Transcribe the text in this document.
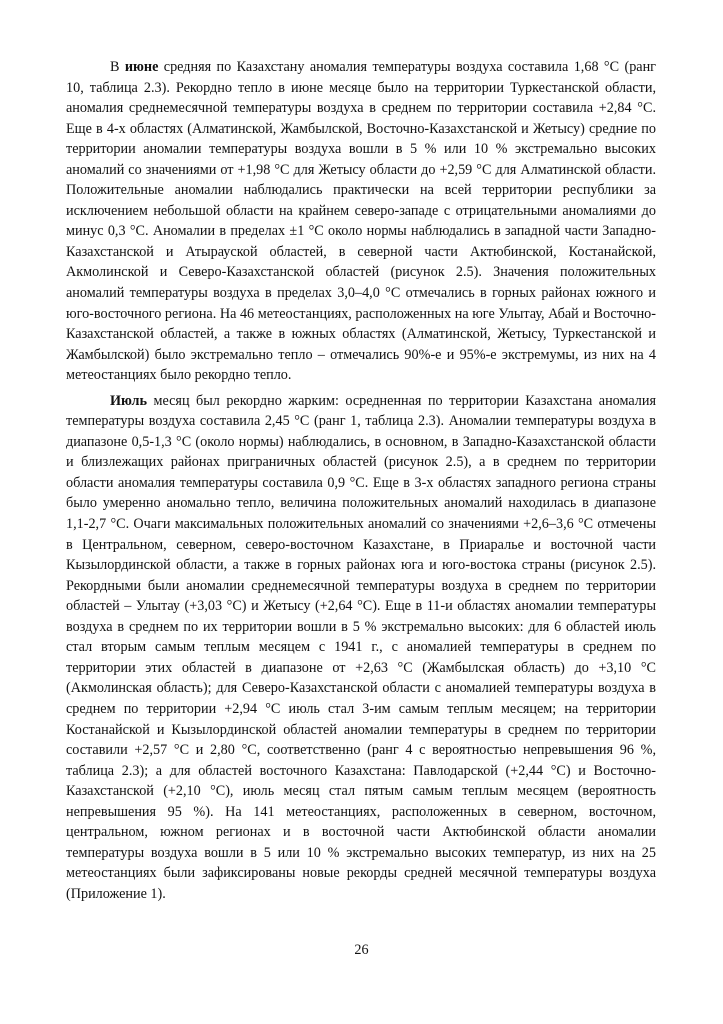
В июне средняя по Казахстану аномалия температуры воздуха составила 1,68 °C (ранг 10, таблица 2.3). Рекордно тепло в июне месяце было на территории Туркестанской области, аномалия среднемесячной температуры воздуха в среднем по территории составила +2,84 °C. Еще в 4-х областях (Алматинской, Жамбылской, Восточно-Казахстанской и Жетысу) средние по территории аномалии температуры воздуха вошли в 5 % или 10 % экстремально высоких аномалий со значениями от +1,98 °C для Жетысу области до +2,59 °C для Алматинской области. Положительные аномалии наблюдались практически на всей территории республики за исключением небольшой области на крайнем северо-западе с отрицательными аномалиями до минус 0,3 °C. Аномалии в пределах ±1 °C около нормы наблюдались в западной части Западно-Казахстанской и Атырауской областей, в северной части Актюбинской, Костанайской, Акмолинской и Северо-Казахстанской областей (рисунок 2.5). Значения положительных аномалий температуры воздуха в пределах 3,0–4,0 °C отмечались в горных районах южного и юго-восточного региона. На 46 метеостанциях, расположенных на юге Улытау, Абай и Восточно-Казахстанской областей, а также в южных областях (Алматинской, Жетысу, Туркестанской и Жамбылской) было экстремально тепло – отмечались 90%-е и 95%-е экстремумы, из них на 4 метеостанциях было рекордно тепло.

Июль месяц был рекордно жарким: осредненная по территории Казахстана аномалия температуры воздуха составила 2,45 °C (ранг 1, таблица 2.3). Аномалии температуры воздуха в диапазоне 0,5-1,3 °C (около нормы) наблюдались, в основном, в Западно-Казахстанской области и близлежащих районах приграничных областей (рисунок 2.5), а в среднем по территории области аномалия температуры составила 0,9 °C. Еще в 3-х областях западного региона страны было умеренно аномально тепло, величина положительных аномалий находилась в диапазоне 1,1-2,7 °C. Очаги максимальных положительных аномалий со значениями +2,6–3,6 °C отмечены в Центральном, северном, северо-восточном Казахстане, в Приаралье и восточной части Кызылординской области, а также в горных районах юга и юго-востока страны (рисунок 2.5). Рекордными были аномалии среднемесячной температуры воздуха в среднем по территории областей – Улытау (+3,03 °C) и Жетысу (+2,64 °C). Еще в 11-и областях аномалии температуры воздуха в среднем по их территории вошли в 5 % экстремально высоких: для 6 областей июль стал вторым самым теплым месяцем с 1941 г., с аномалией температуры в среднем по территории этих областей в диапазоне от +2,63 °C (Жамбылская область) до +3,10 °C (Акмолинская область); для Северо-Казахстанской области с аномалией температуры воздуха в среднем по территории +2,94 °C июль стал 3-им самым теплым месяцем; на территории Костанайской и Кызылординской областей аномалии температуры в среднем по территории составили +2,57 °C и 2,80 °C, соответственно (ранг 4 с вероятностью непревышения 96 %, таблица 2.3); а для областей восточного Казахстана: Павлодарской (+2,44 °C) и Восточно-Казахстанской (+2,10 °C), июль месяц стал пятым самым теплым месяцем (вероятность непревышения 95 %). На 141 метеостанциях, расположенных в северном, восточном, центральном, южном регионах и в восточной части Актюбинской области аномалии температуры воздуха вошли в 5 или 10 % экстремально высоких температур, из них на 25 метеостанциях были зафиксированы новые рекорды средней месячной температуры воздуха (Приложение 1).

26
